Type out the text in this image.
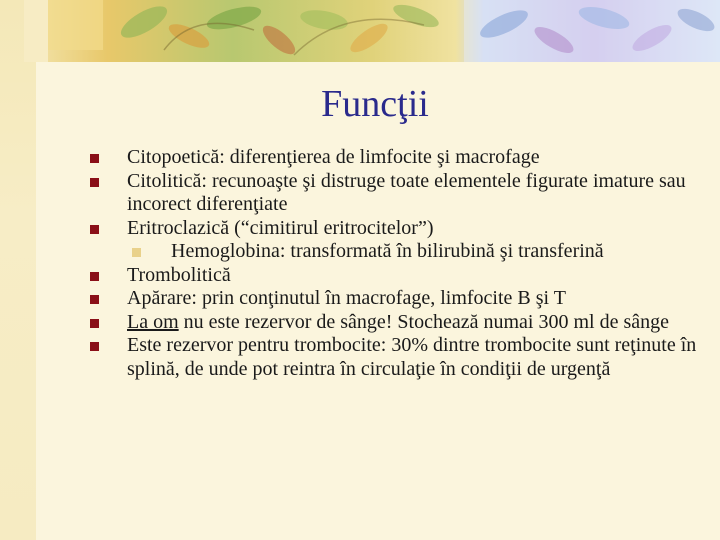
Funcţii
Citopoetică: diferenţierea de limfocite şi macrofage
Citolitică: recunoaşte şi distruge toate elementele figurate imature sau incorect diferenţiate
Eritroclazică (“cimitirul eritrocitelor”)
Hemoglobina: transformată în bilirubină şi transferină
Trombolitică
Apărare: prin conţinutul în macrofage, limfocite B şi T
La om nu este rezervor de sânge! Stochează numai 300 ml de sânge
Este rezervor pentru trombocite: 30% dintre trombocite sunt reţinute în splină, de unde pot reintra în circulaţie în condiţii de urgenţă
